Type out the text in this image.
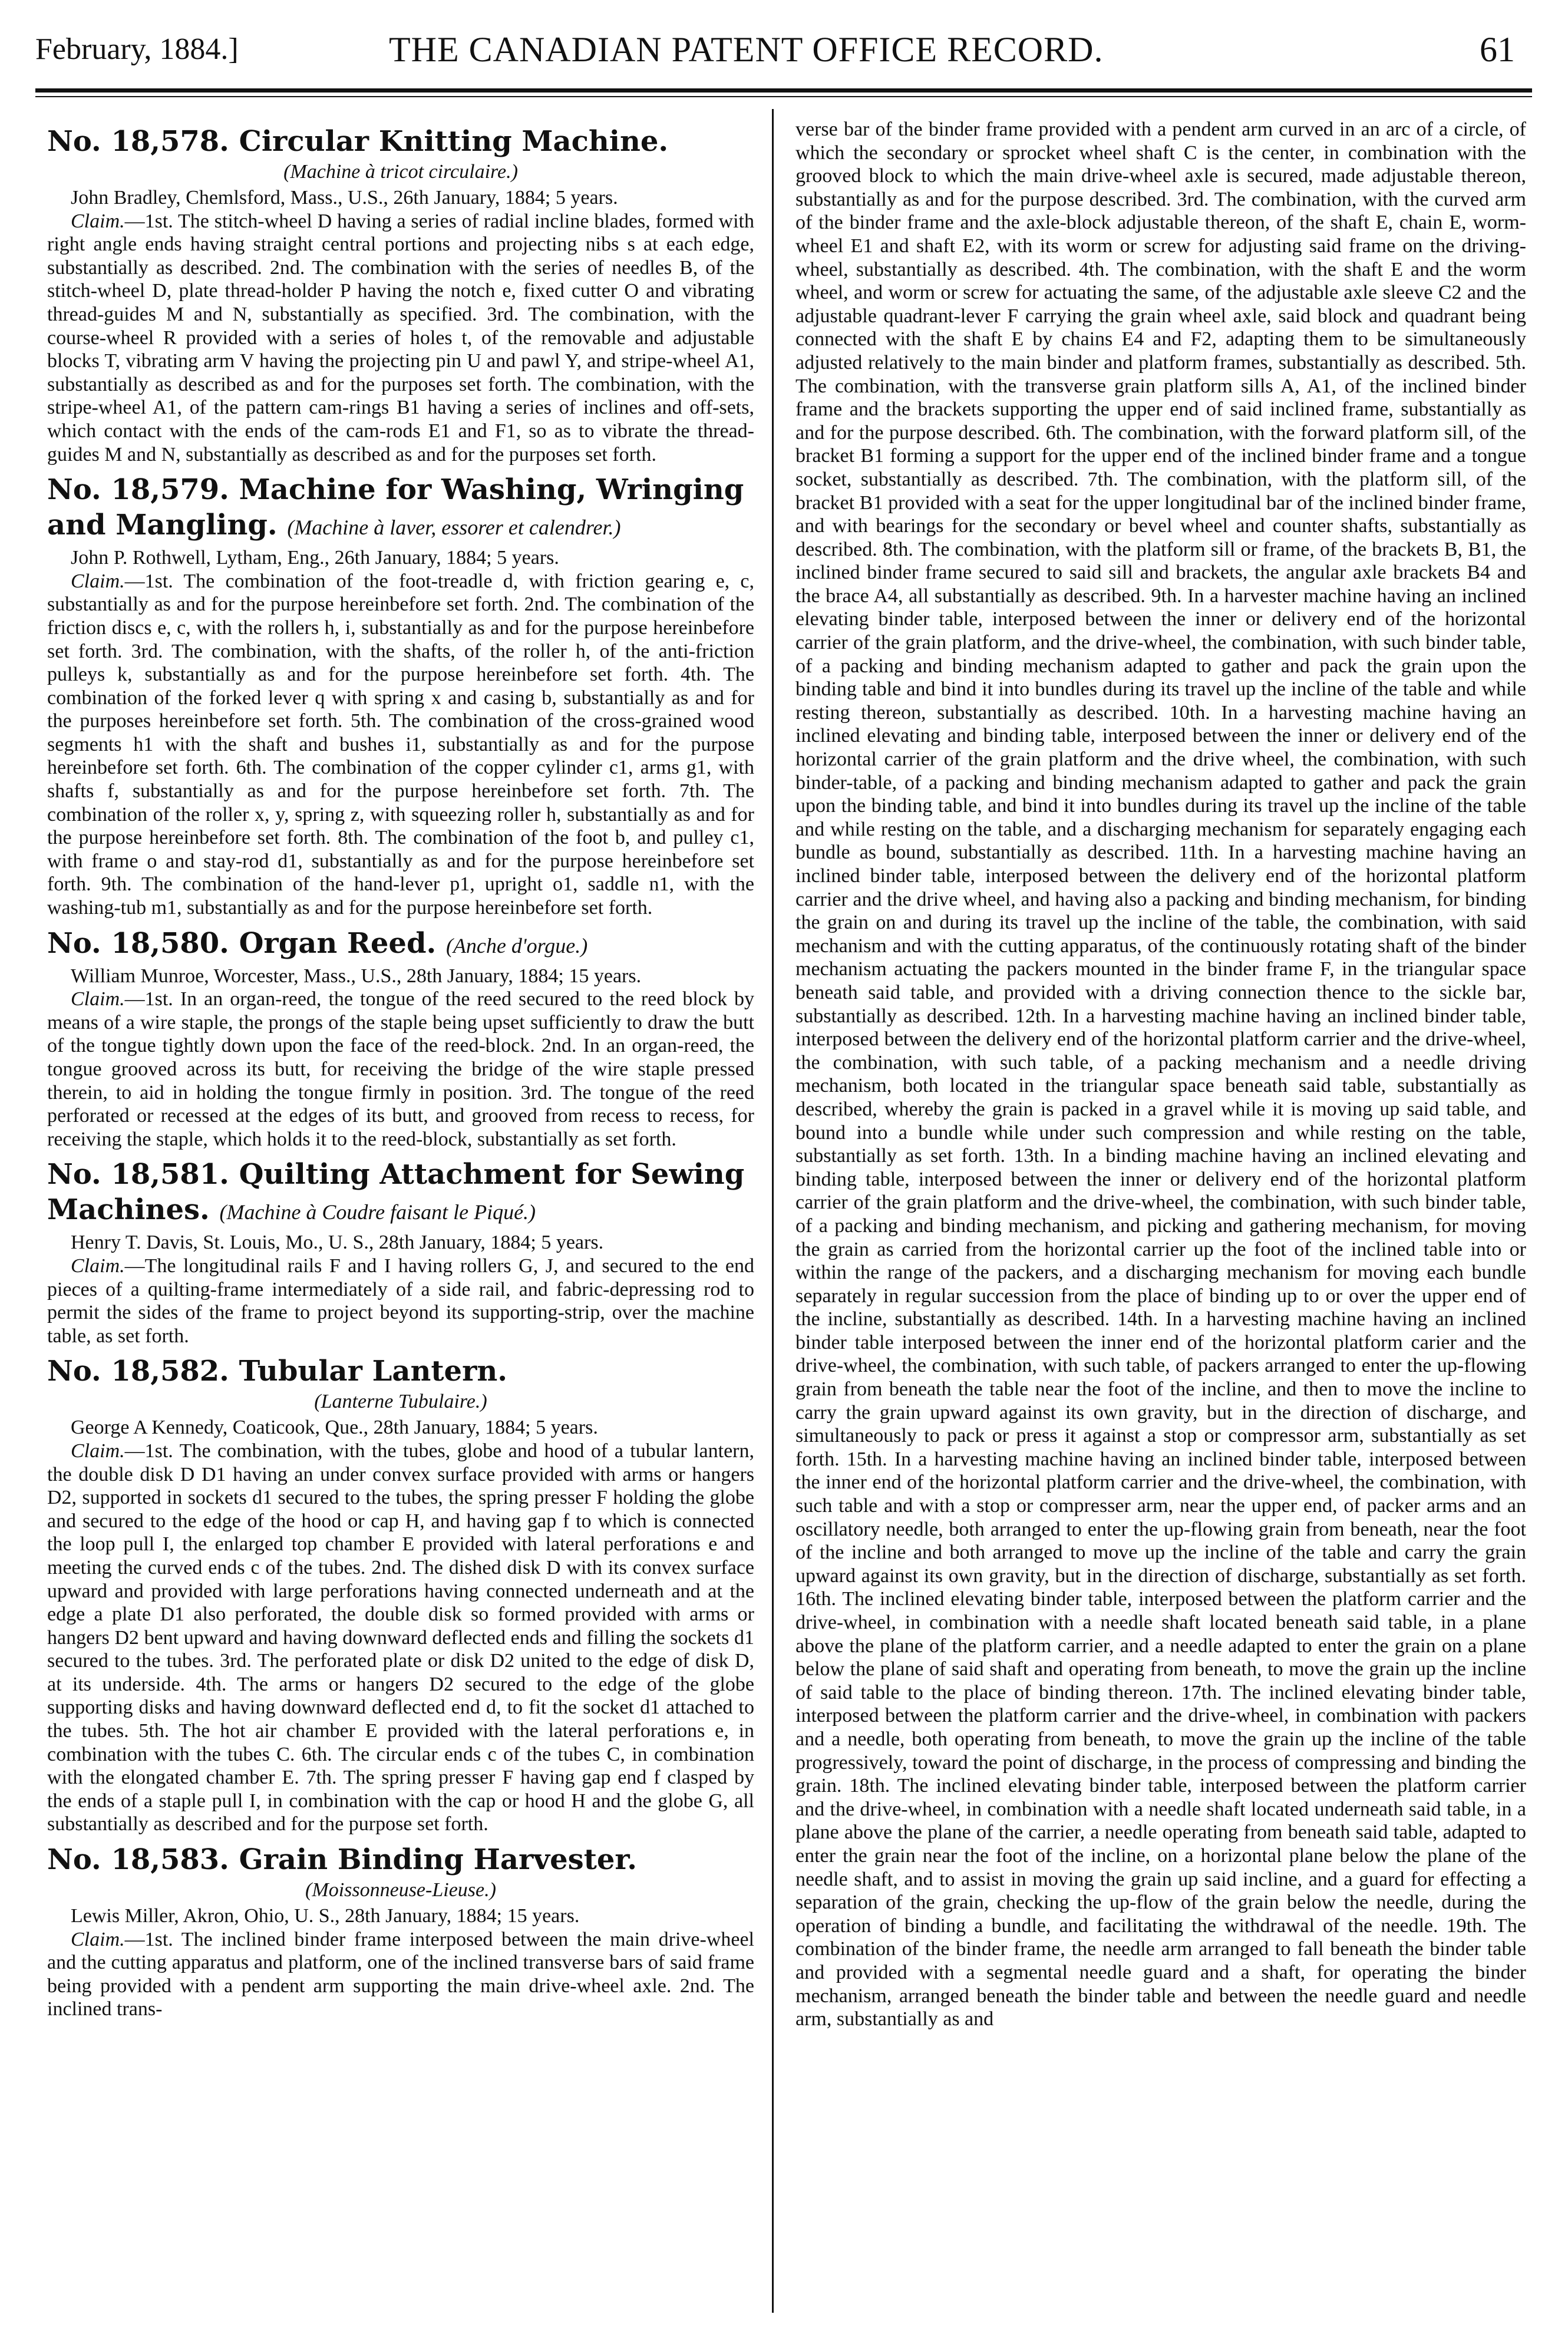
February, 1884.]	THE CANADIAN PATENT OFFICE RECORD.	61
No. 18,578. Circular Knitting Machine.
(Machine à tricot circulaire.)

John Bradley, Chemlsford, Mass., U.S., 26th January, 1884; 5 years.

Claim.—1st. The stitch-wheel D having a series of radial incline blades, formed with right angle ends having straight central portions and projecting nibs s at each edge, substantially as described. 2nd. The combination with the series of needles B, of the stitch-wheel D, plate thread-holder P having the notch e, fixed cutter O and vibrating thread-guides M and N, substantially as specified. 3rd. The combination, with the course-wheel R provided with a series of holes t, of the removable and adjustable blocks T, vibrating arm V having the projecting pin U and pawl Y, and stripe-wheel A1, substantially as described as and for the purposes set forth. The combination, with the stripe-wheel A1, of the pattern cam-rings B1 having a series of inclines and off-sets, which contact with the ends of the cam-rods E1 and F1, so as to vibrate the thread-guides M and N, substantially as described as and for the purposes set forth.

No. 18,579. Machine for Washing, Wringing and Mangling. (Machine à laver, essorer et calendrer.)

John P. Rothwell, Lytham, Eng., 26th January, 1884; 5 years.

Claim.—1st. The combination of the foot-treadle d, with friction gearing e, c, substantially as and for the purpose hereinbefore set forth. 2nd. The combination of the friction discs e, c, with the rollers h, i, substantially as and for the purpose hereinbefore set forth. 3rd. The combination, with the shafts, of the roller h, of the anti-friction pulleys k, substantially as and for the purpose hereinbefore set forth. 4th. The combination of the forked lever q with spring x and casing b, substantially as and for the purposes hereinbefore set forth. 5th. The combination of the cross-grained wood segments h1 with the shaft and bushes i1, substantially as and for the purpose hereinbefore set forth. 6th. The combination of the copper cylinder c1, arms g1, with shafts f, substantially as and for the purpose hereinbefore set forth. 7th. The combination of the roller x, y, spring z, with squeezing roller h, substantially as and for the purpose hereinbefore set forth. 8th. The combination of the foot b, and pulley c1, with frame o and stay-rod d1, substantially as and for the purpose hereinbefore set forth. 9th. The combination of the hand-lever p1, upright o1, saddle n1, with the washing-tub m1, substantially as and for the purpose hereinbefore set forth.

No. 18,580. Organ Reed. (Anche d'orgue.)

William Munroe, Worcester, Mass., U.S., 28th January, 1884; 15 years.

Claim.—1st. In an organ-reed, the tongue of the reed secured to the reed block by means of a wire staple, the prongs of the staple being upset sufficiently to draw the butt of the tongue tightly down upon the face of the reed-block. 2nd. In an organ-reed, the tongue grooved across its butt, for receiving the bridge of the wire staple pressed therein, to aid in holding the tongue firmly in position. 3rd. The tongue of the reed perforated or recessed at the edges of its butt, and grooved from recess to recess, for receiving the staple, which holds it to the reed-block, substantially as set forth.

No. 18,581. Quilting Attachment for Sewing Machines. (Machine à Coudre faisant le Piqué.)

Henry T. Davis, St. Louis, Mo., U. S., 28th January, 1884; 5 years.

Claim.—The longitudinal rails F and I having rollers G, J, and secured to the end pieces of a quilting-frame intermediately of a side rail, and fabric-depressing rod to permit the sides of the frame to project beyond its supporting-strip, over the machine table, as set forth.

No. 18,582. Tubular Lantern.
(Lanterne Tubulaire.)

George A Kennedy, Coaticook, Que., 28th January, 1884; 5 years.

Claim.—1st. The combination, with the tubes, globe and hood of a tubular lantern, the double disk D D1 having an under convex surface provided with arms or hangers D2, supported in sockets d1 secured to the tubes, the spring presser F holding the globe and secured to the edge of the hood or cap H, and having gap f to which is connected the loop pull I, the enlarged top chamber E provided with lateral perforations e and meeting the curved ends c of the tubes. 2nd. The dished disk D with its convex surface upward and provided with large perforations having connected underneath and at the edge a plate D1 also perforated, the double disk so formed provided with arms or hangers D2 bent upward and having downward deflected ends and filling the sockets d1 secured to the tubes. 3rd. The perforated plate or disk D2 united to the edge of disk D, at its underside. 4th. The arms or hangers D2 secured to the edge of the globe supporting disks and having downward deflected end d, to fit the socket d1 attached to the tubes. 5th. The hot air chamber E provided with the lateral perforations e, in combination with the tubes C. 6th. The circular ends c of the tubes C, in combination with the elongated chamber E. 7th. The spring presser F having gap end f clasped by the ends of a staple pull I, in combination with the cap or hood H and the globe G, all substantially as described and for the purpose set forth.

No. 18,583. Grain Binding Harvester.
(Moissonneuse-Lieuse.)

Lewis Miller, Akron, Ohio, U. S., 28th January, 1884; 15 years.

Claim.—1st. The inclined binder frame interposed between the main drive-wheel and the cutting apparatus and platform, one of the inclined transverse bars of said frame being provided with a pendent arm supporting the main drive-wheel axle. 2nd. The inclined trans-

verse bar of the binder frame provided with a pendent arm curved in an arc of a circle, of which the secondary or sprocket wheel shaft C is the center, in combination with the grooved block to which the main drive-wheel axle is secured, made adjustable thereon, substantially as and for the purpose described. 3rd. The combination, with the curved arm of the binder frame and the axle-block adjustable thereon, of the shaft E, chain E, worm-wheel E1 and shaft E2, with its worm or screw for adjusting said frame on the driving-wheel, substantially as described. 4th. The combination, with the shaft E and the worm wheel, and worm or screw for actuating the same, of the adjustable axle sleeve C2 and the adjustable quadrant-lever F carrying the grain wheel axle, said block and quadrant being connected with the shaft E by chains E4 and F2, adapting them to be simultaneously adjusted relatively to the main binder and platform frames, substantially as described. 5th. The combination, with the transverse grain platform sills A, A1, of the inclined binder frame and the brackets supporting the upper end of said inclined frame, substantially as and for the purpose described. 6th. The combination, with the forward platform sill, of the bracket B1 forming a support for the upper end of the inclined binder frame and a tongue socket, substantially as described. 7th. The combination, with the platform sill, of the bracket B1 provided with a seat for the upper longitudinal bar of the inclined binder frame, and with bearings for the secondary or bevel wheel and counter shafts, substantially as described. 8th. The combination, with the platform sill or frame, of the brackets B, B1, the inclined binder frame secured to said sill and brackets, the angular axle brackets B4 and the brace A4, all substantially as described. 9th. In a harvester machine having an inclined elevating binder table, interposed between the inner or delivery end of the horizontal carrier of the grain platform, and the drive-wheel, the combination, with such binder table, of a packing and binding mechanism adapted to gather and pack the grain upon the binding table and bind it into bundles during its travel up the incline of the table and while resting thereon, substantially as described. 10th. In a harvesting machine having an inclined elevating and binding table, interposed between the inner or delivery end of the horizontal carrier of the grain platform and the drive wheel, the combination, with such binder-table, of a packing and binding mechanism adapted to gather and pack the grain upon the binding table, and bind it into bundles during its travel up the incline of the table and while resting on the table, and a discharging mechanism for separately engaging each bundle as bound, substantially as described. 11th. In a harvesting machine having an inclined binder table, interposed between the delivery end of the horizontal platform carrier and the drive wheel, and having also a packing and binding mechanism, for binding the grain on and during its travel up the incline of the table, the combination, with said mechanism and with the cutting apparatus, of the continuously rotating shaft of the binder mechanism actuating the packers mounted in the binder frame F, in the triangular space beneath said table, and provided with a driving connection thence to the sickle bar, substantially as described. 12th. In a harvesting machine having an inclined binder table, interposed between the delivery end of the horizontal platform carrier and the drive-wheel, the combination, with such table, of a packing mechanism and a needle driving mechanism, both located in the triangular space beneath said table, substantially as described, whereby the grain is packed in a gravel while it is moving up said table, and bound into a bundle while under such compression and while resting on the table, substantially as set forth. 13th. In a binding machine having an inclined elevating and binding table, interposed between the inner or delivery end of the horizontal platform carrier of the grain platform and the drive-wheel, the combination, with such binder table, of a packing and binding mechanism, and picking and gathering mechanism, for moving the grain as carried from the horizontal carrier up the foot of the inclined table into or within the range of the packers, and a discharging mechanism for moving each bundle separately in regular succession from the place of binding up to or over the upper end of the incline, substantially as described. 14th. In a harvesting machine having an inclined binder table interposed between the inner end of the horizontal platform carier and the drive-wheel, the combination, with such table, of packers arranged to enter the up-flowing grain from beneath the table near the foot of the incline, and then to move the incline to carry the grain upward against its own gravity, but in the direction of discharge, and simultaneously to pack or press it against a stop or compressor arm, substantially as set forth. 15th. In a harvesting machine having an inclined binder table, interposed between the inner end of the horizontal platform carrier and the drive-wheel, the combination, with such table and with a stop or compresser arm, near the upper end, of packer arms and an oscillatory needle, both arranged to enter the up-flowing grain from beneath, near the foot of the incline and both arranged to move up the incline of the table and carry the grain upward against its own gravity, but in the direction of discharge, substantially as set forth. 16th. The inclined elevating binder table, interposed between the platform carrier and the drive-wheel, in combination with a needle shaft located beneath said table, in a plane above the plane of the platform carrier, and a needle adapted to enter the grain on a plane below the plane of said shaft and operating from beneath, to move the grain up the incline of said table to the place of binding thereon. 17th. The inclined elevating binder table, interposed between the platform carrier and the drive-wheel, in combination with packers and a needle, both operating from beneath, to move the grain up the incline of the table progressively, toward the point of discharge, in the process of compressing and binding the grain. 18th. The inclined elevating binder table, interposed between the platform carrier and the drive-wheel, in combination with a needle shaft located underneath said table, in a plane above the plane of the carrier, a needle operating from beneath said table, adapted to enter the grain near the foot of the incline, on a horizontal plane below the plane of the needle shaft, and to assist in moving the grain up said incline, and a guard for effecting a separation of the grain, checking the up-flow of the grain below the needle, during the operation of binding a bundle, and facilitating the withdrawal of the needle. 19th. The combination of the binder frame, the needle arm arranged to fall beneath the binder table and provided with a segmental needle guard and a shaft, for operating the binder mechanism, arranged beneath the binder table and between the needle guard and needle arm, substantially as and
